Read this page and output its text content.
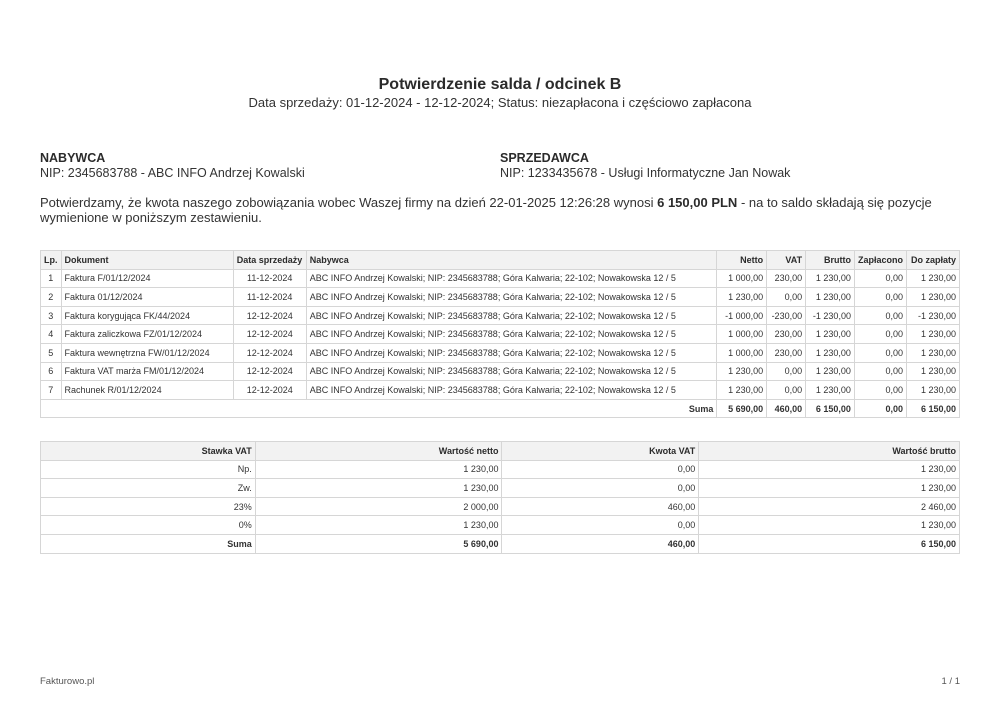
Potwierdzenie salda / odcinek B
Data sprzedaży: 01-12-2024 - 12-12-2024; Status: niezapłacona i częściowo zapłacona
NABYWCA
NIP: 2345683788 - ABC INFO Andrzej Kowalski
SPRZEDAWCA
NIP: 1233435678 - Usługi Informatyczne Jan Nowak
Potwierdzamy, że kwota naszego zobowiązania wobec Waszej firmy na dzień 22-01-2025 12:26:28 wynosi 6 150,00 PLN - na to saldo składają się pozycje wymienione w poniższym zestawieniu.
Lp.	Dokument	Data sprzedaży	Nabywca	Netto	VAT	Brutto	Zapłacono	Do zapłaty
1	Faktura F/01/12/2024	11-12-2024	ABC INFO Andrzej Kowalski; NIP: 2345683788; Góra Kalwaria; 22-102; Nowakowska 12 / 5	1 000,00	230,00	1 230,00	0,00	1 230,00
2	Faktura 01/12/2024	11-12-2024	ABC INFO Andrzej Kowalski; NIP: 2345683788; Góra Kalwaria; 22-102; Nowakowska 12 / 5	1 230,00	0,00	1 230,00	0,00	1 230,00
3	Faktura korygująca FK/44/2024	12-12-2024	ABC INFO Andrzej Kowalski; NIP: 2345683788; Góra Kalwaria; 22-102; Nowakowska 12 / 5	-1 000,00	-230,00	-1 230,00	0,00	-1 230,00
4	Faktura zaliczkowa FZ/01/12/2024	12-12-2024	ABC INFO Andrzej Kowalski; NIP: 2345683788; Góra Kalwaria; 22-102; Nowakowska 12 / 5	1 000,00	230,00	1 230,00	0,00	1 230,00
5	Faktura wewnętrzna FW/01/12/2024	12-12-2024	ABC INFO Andrzej Kowalski; NIP: 2345683788; Góra Kalwaria; 22-102; Nowakowska 12 / 5	1 000,00	230,00	1 230,00	0,00	1 230,00
6	Faktura VAT marża FM/01/12/2024	12-12-2024	ABC INFO Andrzej Kowalski; NIP: 2345683788; Góra Kalwaria; 22-102; Nowakowska 12 / 5	1 230,00	0,00	1 230,00	0,00	1 230,00
7	Rachunek R/01/12/2024	12-12-2024	ABC INFO Andrzej Kowalski; NIP: 2345683788; Góra Kalwaria; 22-102; Nowakowska 12 / 5	1 230,00	0,00	1 230,00	0,00	1 230,00
Suma				5 690,00	460,00	6 150,00	0,00	6 150,00
Stawka VAT	Wartość netto	Kwota VAT	Wartość brutto
Np.	1 230,00	0,00	1 230,00
Zw.	1 230,00	0,00	1 230,00
23%	2 000,00	460,00	2 460,00
0%	1 230,00	0,00	1 230,00
Suma	5 690,00	460,00	6 150,00
Fakturowo.pl	1 / 1
